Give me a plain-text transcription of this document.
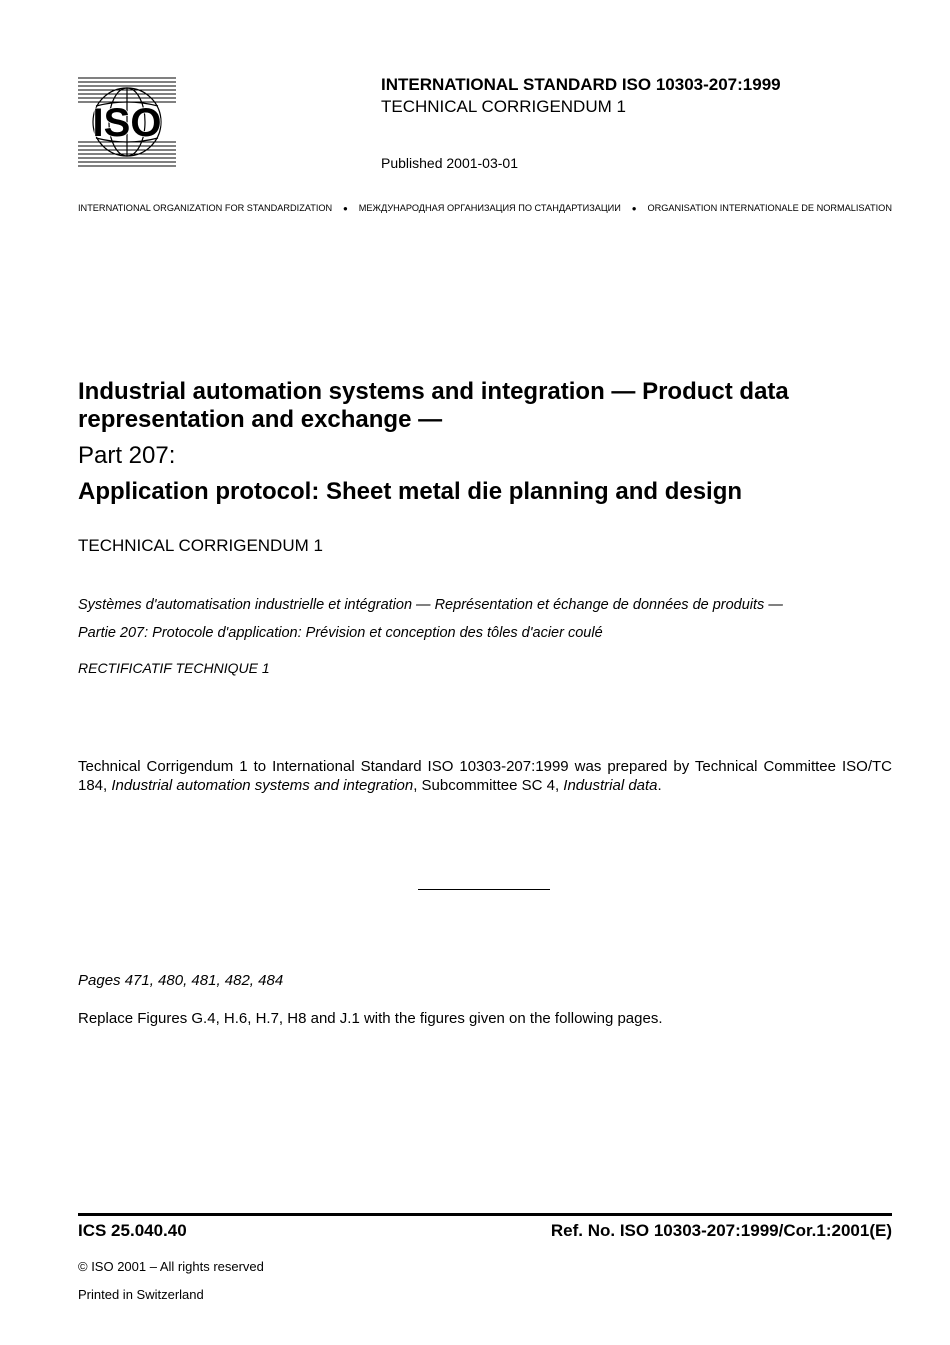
ISO
INTERNATIONAL STANDARD ISO 10303-207:1999
TECHNICAL CORRIGENDUM 1
Published 2001-03-01
INTERNATIONAL ORGANIZATION FOR STANDARDIZATION	●	МЕЖДУНАРОДНАЯ ОРГАНИЗАЦИЯ ПО СТАНДАРТИЗАЦИИ	●	ORGANISATION INTERNATIONALE DE NORMALISATION
Industrial automation systems and integration — Product data representation and exchange —
Part 207:
Application protocol: Sheet metal die planning and design
TECHNICAL CORRIGENDUM 1
Systèmes d'automatisation industrielle et intégration — Représentation et échange de données de produits —
Partie 207: Protocole d'application: Prévision et conception des tôles d'acier coulé
RECTIFICATIF TECHNIQUE 1
Technical Corrigendum 1 to International Standard ISO 10303-207:1999 was prepared by Technical Committee ISO/TC 184, Industrial automation systems and integration, Subcommittee SC 4, Industrial data.
Pages 471, 480, 481, 482, 484
Replace Figures G.4, H.6, H.7, H8 and J.1 with the figures given on the following pages.
ICS 25.040.40	Ref. No. ISO 10303-207:1999/Cor.1:2001(E)
© ISO 2001 – All rights reserved
Printed in Switzerland
